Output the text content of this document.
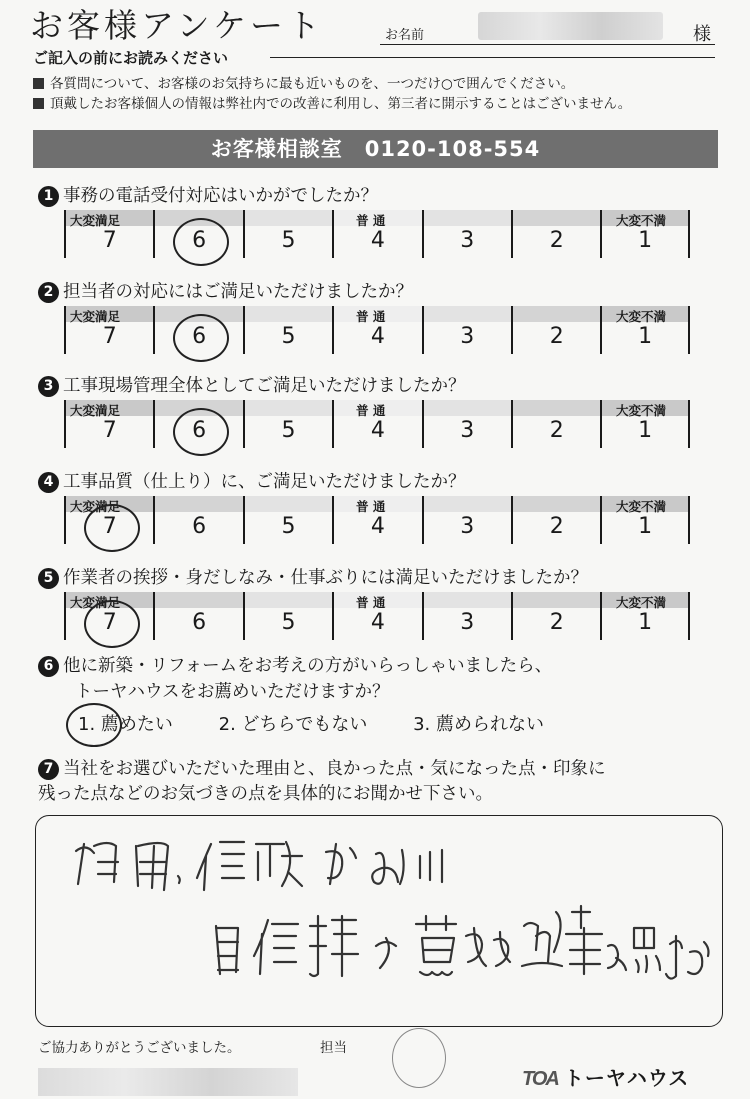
お客様アンケート	お名前	様
ご記入の前にお読みください
各質問について、お客様のお気持ちに最も近いものを、一つだけ○で囲んでください。
頂戴したお客様個人の情報は弊社内での改善に利用し、第三者に開示することはございません。
お客様相談室　0120-108-554
1 事務の電話受付対応はいかがでしたか？
7	6	5	4	3	2	1
大変満足	普 通	大変不満
2 担当者の対応にはご満足いただけましたか？
7	6	5	4	3	2	1
大変満足	普 通	大変不満
3 工事現場管理全体としてご満足いただけましたか？
7	6	5	4	3	2	1
大変満足	普 通	大変不満
4 工事品質（仕上り）に、ご満足いただけましたか？
7	6	5	4	3	2	1
大変満足	普 通	大変不満
5 作業者の挨拶・身だしなみ・仕事ぶりには満足いただけましたか？
7	6	5	4	3	2	1
大変満足	普 通	大変不満
6 他に新築・リフォームをお考えの方がいらっしゃいましたら、
トーヤハウスをお薦めいただけますか？
1. 薦めたい	2. どちらでもない	3. 薦められない
7 当社をお選びいただいた理由と、良かった点・気になった点・印象に
残った点などのお気づきの点を具体的にお聞かせ下さい。
ご協力ありがとうございました。	担当
TOA トーヤハウス
